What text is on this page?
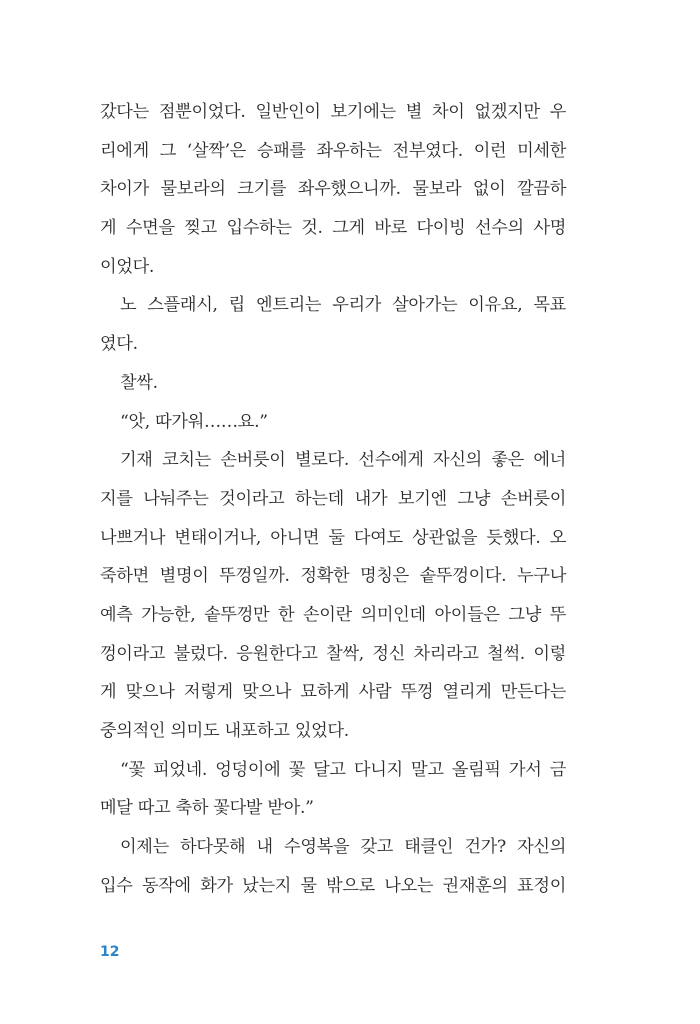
갔다는 점뿐이었다. 일반인이 보기에는 별 차이 없겠지만 우
리에게 그 ‘살짝’은 승패를 좌우하는 전부였다. 이런 미세한
차이가 물보라의 크기를 좌우했으니까. 물보라 없이 깔끔하
게 수면을 찢고 입수하는 것. 그게 바로 다이빙 선수의 사명
이었다.
노 스플래시, 립 엔트리는 우리가 살아가는 이유요, 목표
였다.
찰싹.
“앗, 따가워……요.”
기재 코치는 손버릇이 별로다. 선수에게 자신의 좋은 에너
지를 나눠주는 것이라고 하는데 내가 보기엔 그냥 손버릇이
나쁘거나 변태이거나, 아니면 둘 다여도 상관없을 듯했다. 오
죽하면 별명이 뚜껑일까. 정확한 명칭은 솥뚜껑이다. 누구나
예측 가능한, 솥뚜껑만 한 손이란 의미인데 아이들은 그냥 뚜
껑이라고 불렀다. 응원한다고 찰싹, 정신 차리라고 철썩. 이렇
게 맞으나 저렇게 맞으나 묘하게 사람 뚜껑 열리게 만든다는
중의적인 의미도 내포하고 있었다.
“꽃 피었네. 엉덩이에 꽃 달고 다니지 말고 올림픽 가서 금
메달 따고 축하 꽃다발 받아.”
이제는 하다못해 내 수영복을 갖고 태클인 건가? 자신의
입수 동작에 화가 났는지 물 밖으로 나오는 권재훈의 표정이
12
